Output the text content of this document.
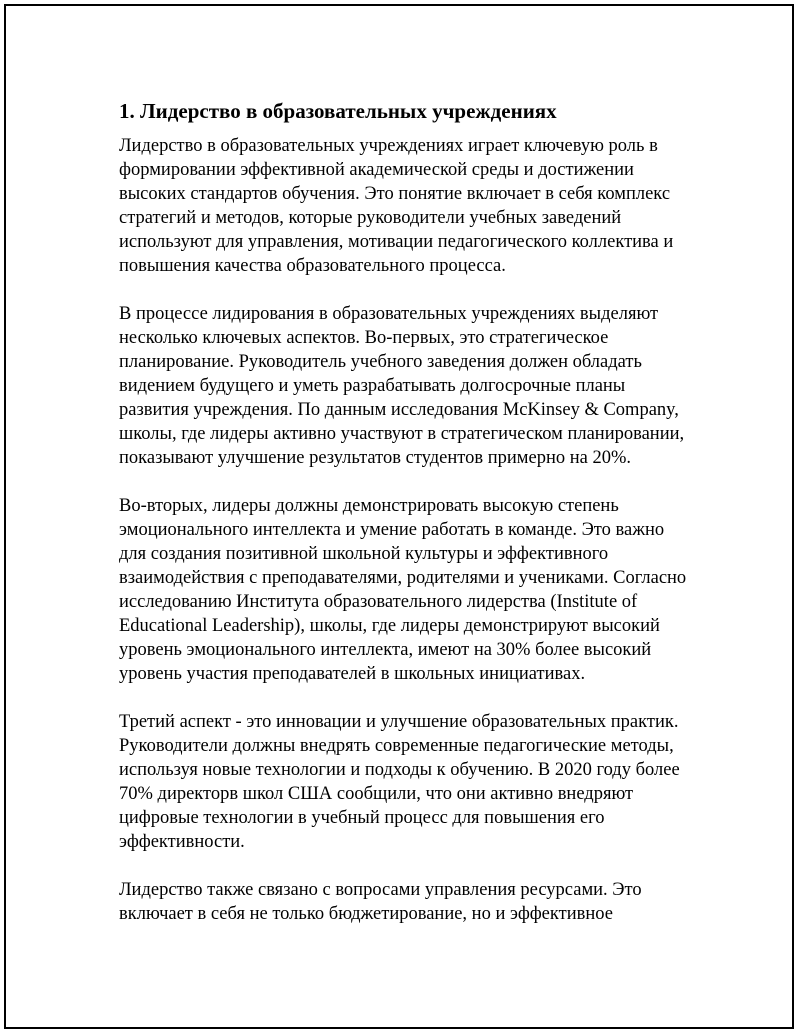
1. Лидерство в образовательных учреждениях

Лидерство в образовательных учреждениях играет ключевую роль в
формировании эффективной академической среды и достижении
высоких стандартов обучения. Это понятие включает в себя комплекс
стратегий и методов, которые руководители учебных заведений
используют для управления, мотивации педагогического коллектива и
повышения качества образовательного процесса.

В процессе лидирования в образовательных учреждениях выделяют
несколько ключевых аспектов. Во-первых, это стратегическое
планирование. Руководитель учебного заведения должен обладать
видением будущего и уметь разрабатывать долгосрочные планы
развития учреждения. По данным исследования McKinsey & Company,
школы, где лидеры активно участвуют в стратегическом планировании,
показывают улучшение результатов студентов примерно на 20%.

Во-вторых, лидеры должны демонстрировать высокую степень
эмоционального интеллекта и умение работать в команде. Это важно
для создания позитивной школьной культуры и эффективного
взаимодействия с преподавателями, родителями и учениками. Согласно
исследованию Института образовательного лидерства (Institute of
Educational Leadership), школы, где лидеры демонстрируют высокий
уровень эмоционального интеллекта, имеют на 30% более высокий
уровень участия преподавателей в школьных инициативах.

Третий аспект - это инновации и улучшение образовательных практик.
Руководители должны внедрять современные педагогические методы,
используя новые технологии и подходы к обучению. В 2020 году более
70% директорв школ США сообщили, что они активно внедряют
цифровые технологии в учебный процесс для повышения его
эффективности.

Лидерство также связано с вопросами управления ресурсами. Это
включает в себя не только бюджетирование, но и эффективное
